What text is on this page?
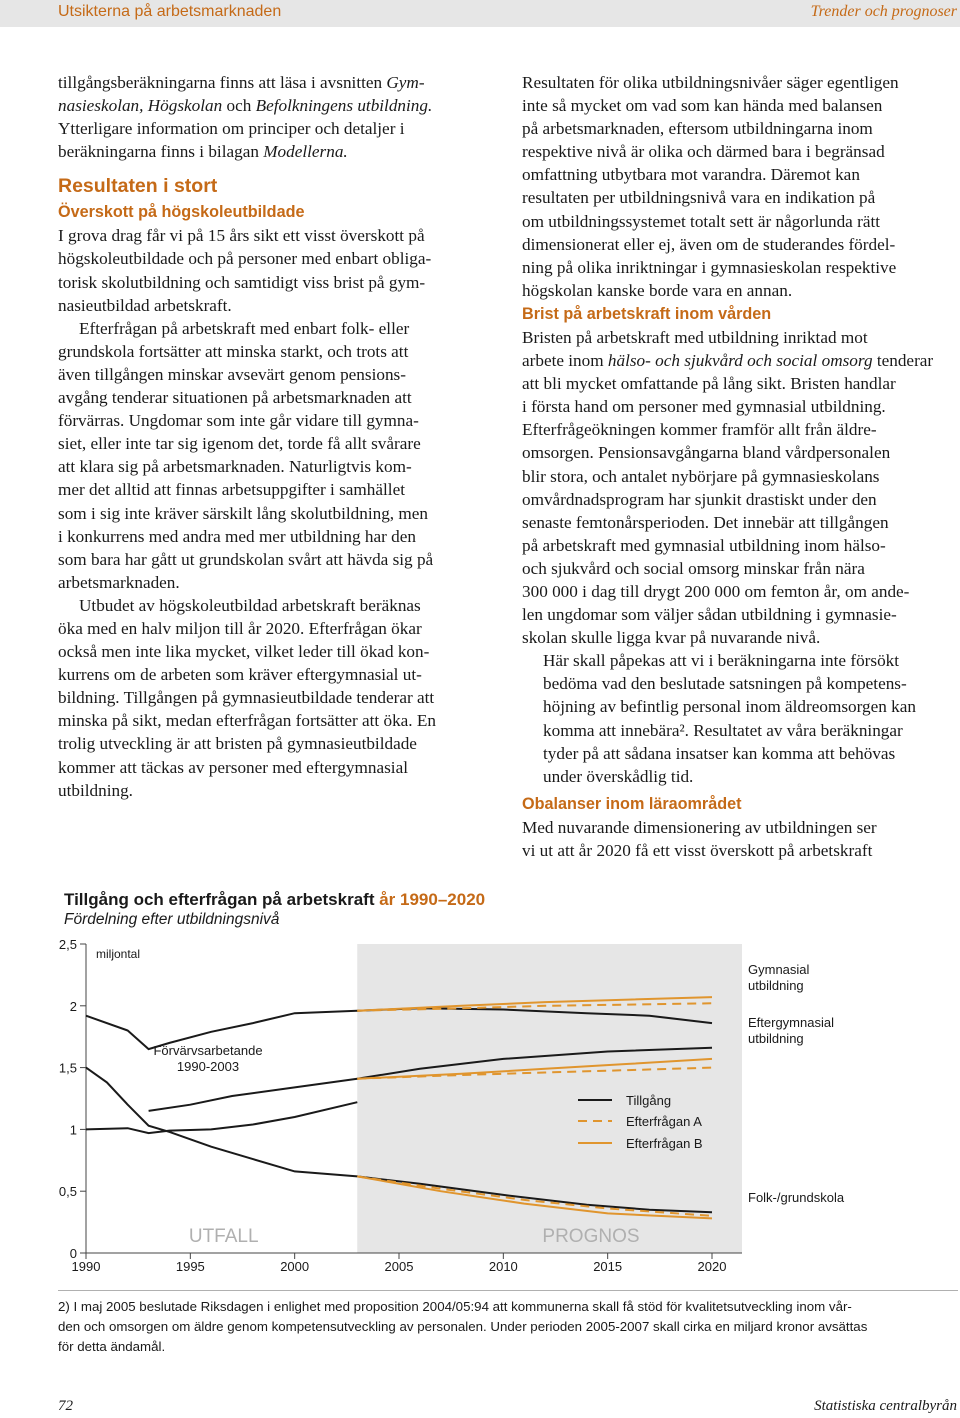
Utsikterna på arbetsmarknaden	Trender och prognoser

tillgångsberäkningarna finns att läsa i avsnitten Gym-
nasieskolan, Högskolan och Befolkningens utbildning.
Ytterligare information om principer och detaljer i
beräkningarna finns i bilagan Modellerna.

Resultaten i stort
Överskott på högskoleutbildade

I grova drag får vi på 15 års sikt ett visst överskott på
högskoleutbildade och på personer med enbart obliga-
torisk skolutbildning och samtidigt viss brist på gym-
nasieutbildad arbetskraft.

Efterfrågan på arbetskraft med enbart folk- eller
grundskola fortsätter att minska starkt, och trots att
även tillgången minskar avsevärt genom pensions-
avgång tenderar situationen på arbetsmarknaden att
förvärras. Ungdomar som inte går vidare till gymna-
siet, eller inte tar sig igenom det, torde få allt svårare
att klara sig på arbetsmarknaden. Naturligtvis kom-
mer det alltid att finnas arbetsuppgifter i samhället
som i sig inte kräver särskilt lång skolutbildning, men
i konkurrens med andra med mer utbildning har den
som bara har gått ut grundskolan svårt att hävda sig på
arbetsmarknaden.

Utbudet av högskoleutbildad arbetskraft beräknas
öka med en halv miljon till år 2020. Efterfrågan ökar
också men inte lika mycket, vilket leder till ökad kon-
kurrens om de arbeten som kräver eftergymnasial ut-
bildning. Tillgången på gymnasieutbildade tenderar att
minska på sikt, medan efterfrågan fortsätter att öka. En
trolig utveckling är att bristen på gymnasieutbildade
kommer att täckas av personer med eftergymnasial
utbildning.

Resultaten för olika utbildningsnivåer säger egentligen
inte så mycket om vad som kan hända med balansen
på arbetsmarknaden, eftersom utbildningarna inom
respektive nivå är olika och därmed bara i begränsad
omfattning utbytbara mot varandra. Däremot kan
resultaten per utbildningsnivå vara en indikation på
om utbildningssystemet totalt sett är någorlunda rätt
dimensionerat eller ej, även om de studerandes fördel-
ning på olika inriktningar i gymnasieskolan respektive
högskolan kanske borde vara en annan.

Brist på arbetskraft inom vården

Bristen på arbetskraft med utbildning inriktad mot
arbete inom hälso- och sjukvård och social omsorg tenderar
att bli mycket omfattande på lång sikt. Bristen handlar
i första hand om personer med gymnasial utbildning.
Efterfrågeökningen kommer framför allt från äldre-
omsorgen. Pensionsavgångarna bland vårdpersonalen
blir stora, och antalet nybörjare på gymnasieskolans
omvårdnadsprogram har sjunkit drastiskt under den
senaste femtonårsperioden. Det innebär att tillgången
på arbetskraft med gymnasial utbildning inom hälso-
och sjukvård och social omsorg minskar från nära
300 000 i dag till drygt 200 000 om femton år, om ande-
len ungdomar som väljer sådan utbildning i gymnasie-
skolan skulle ligga kvar på nuvarande nivå.

Här skall påpekas att vi i beräkningarna inte försökt
bedöma vad den beslutade satsningen på kompetens-
höjning av befintlig personal inom äldreomsorgen kan
komma att innebära². Resultatet av våra beräkningar
tyder på att sådana insatser kan komma att behövas
under överskådlig tid.

Obalanser inom läraområdet

Med nuvarande dimensionering av utbildningen ser
vi ut att år 2020 få ett visst överskott på arbetskraft

Tillgång och efterfrågan på arbetskraft år 1990–2020
Fördelning efter utbildningsnivå
0
0,5
1
1,5
2
2,5
miljontal
1990	1995	2000	2005	2010	2015	2020
UTFALL	PROGNOS
Förvärvsarbetande
1990-2003
Tillgång
Efterfrågan A
Efterfrågan B
Gymnasial
utbildning
Eftergymnasial
utbildning
Folk-/grundskola
2) I maj 2005 beslutade Riksdagen i enlighet med proposition 2004/05:94 att kommunerna skall få stöd för kvalitetsutveckling inom vår-
den och omsorgen om äldre genom kompetensutveckling av personalen. Under perioden 2005-2007 skall cirka en miljard kronor avsättas
för detta ändamål.
72	Statistiska centralbyrån
